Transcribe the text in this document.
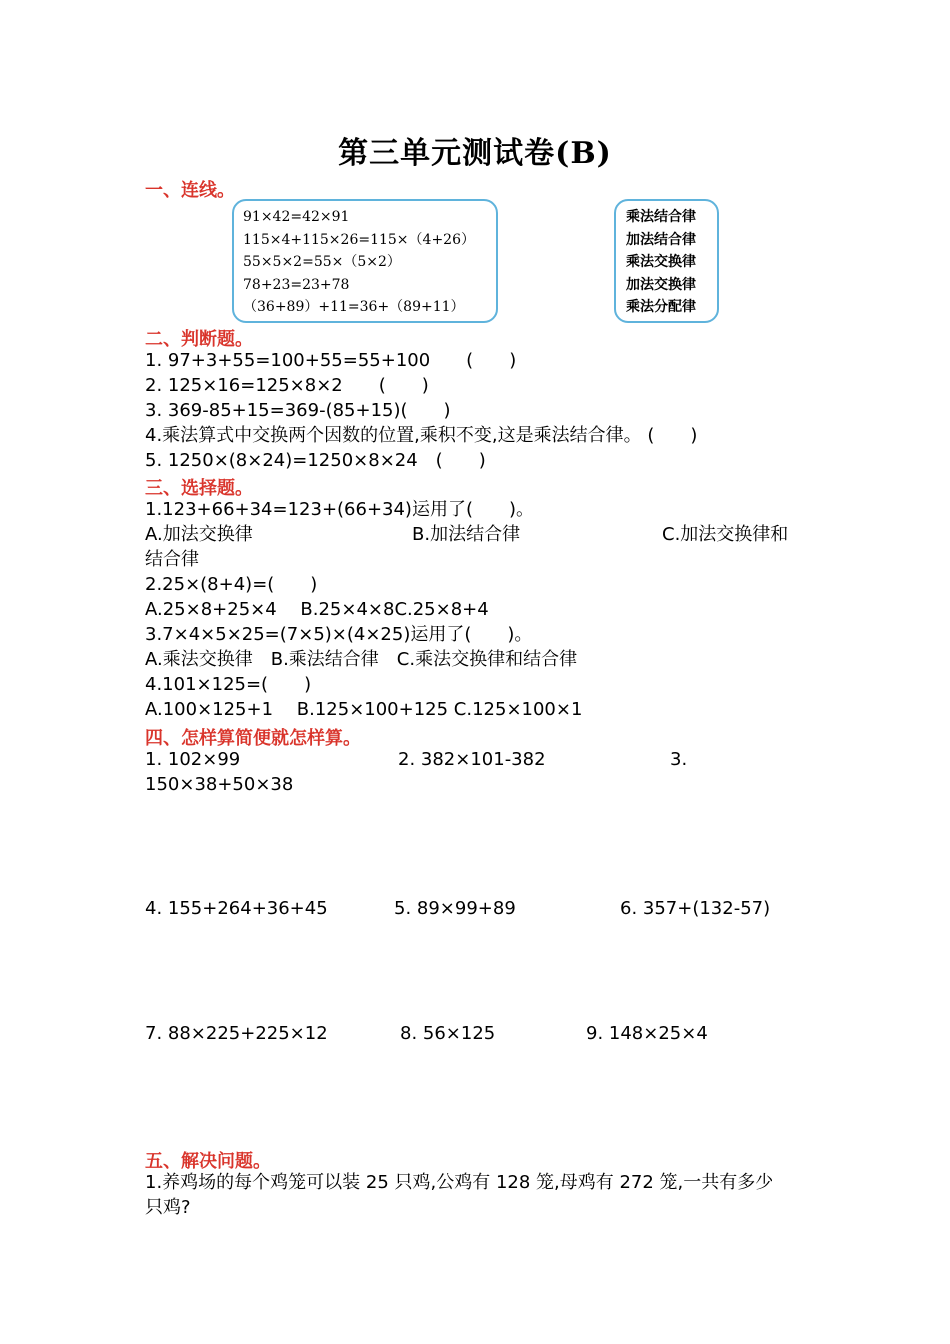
第三单元测试卷(B)
一、连线。
91×42=42×91
115×4+115×26=115×（4+26）
55×5×2=55×（5×2）
78+23=23+78
（36+89）+11=36+（89+11）
乘法结合律
加法结合律
乘法交换律
加法交换律
乘法分配律
二、判断题。
1. 97+3+55=100+55=55+100　　(　　)
2. 125×16=125×8×2　　(　　)
3. 369-85+15=369-(85+15)(　　)
4.乘法算式中交换两个因数的位置,乘积不变,这是乘法结合律。 (　　)
5. 1250×(8×24)=1250×8×24　(　　)
三、选择题。
1.123+66+34=123+(66+34)运用了(　　)。
A.加法交换律	B.加法结合律	C.加法交换律和
结合律
2.25×(8+4)=(　　)
A.25×8+25×4　 B.25×4×8C.25×8+4
3.7×4×5×25=(7×5)×(4×25)运用了(　　)。
A.乘法交换律　B.乘法结合律　C.乘法交换律和结合律
4.101×125=(　　)
A.100×125+1　 B.125×100+125 C.125×100×1
四、怎样算简便就怎样算。
1. 102×99	2. 382×101-382	3.
150×38+50×38
4. 155+264+36+45	5. 89×99+89	6. 357+(132-57)
7. 88×225+225×12	8. 56×125	9. 148×25×4
五、解决问题。
1.养鸡场的每个鸡笼可以装 25 只鸡,公鸡有 128 笼,母鸡有 272 笼,一共有多少
只鸡?
